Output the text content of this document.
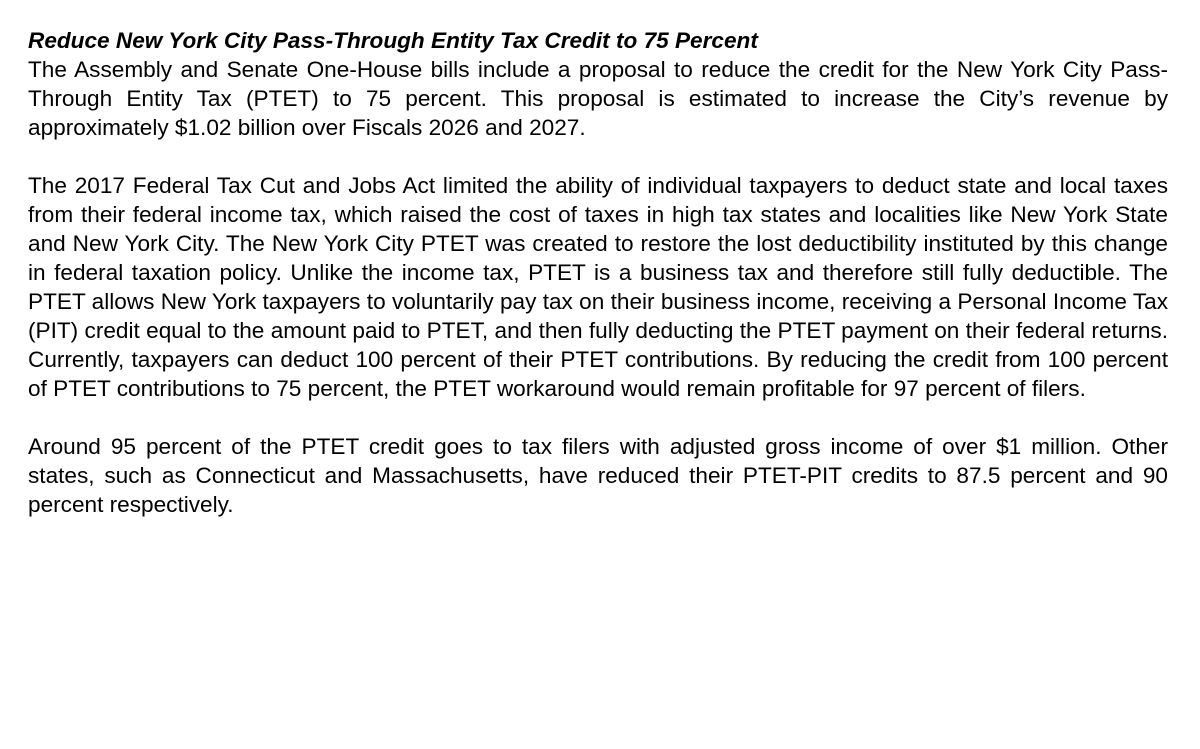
Reduce New York City Pass-Through Entity Tax Credit to 75 Percent
The Assembly and Senate One-House bills include a proposal to reduce the credit for the New York City Pass-Through Entity Tax (PTET) to 75 percent. This proposal is estimated to increase the City’s revenue by approximately $1.02 billion over Fiscals 2026 and 2027.
The 2017 Federal Tax Cut and Jobs Act limited the ability of individual taxpayers to deduct state and local taxes from their federal income tax, which raised the cost of taxes in high tax states and localities like New York State and New York City. The New York City PTET was created to restore the lost deductibility instituted by this change in federal taxation policy. Unlike the income tax, PTET is a business tax and therefore still fully deductible. The PTET allows New York taxpayers to voluntarily pay tax on their business income, receiving a Personal Income Tax (PIT) credit equal to the amount paid to PTET, and then fully deducting the PTET payment on their federal returns. Currently, taxpayers can deduct 100 percent of their PTET contributions. By reducing the credit from 100 percent of PTET contributions to 75 percent, the PTET workaround would remain profitable for 97 percent of filers.
Around 95 percent of the PTET credit goes to tax filers with adjusted gross income of over $1 million. Other states, such as Connecticut and Massachusetts, have reduced their PTET-PIT credits to 87.5 percent and 90 percent respectively.
